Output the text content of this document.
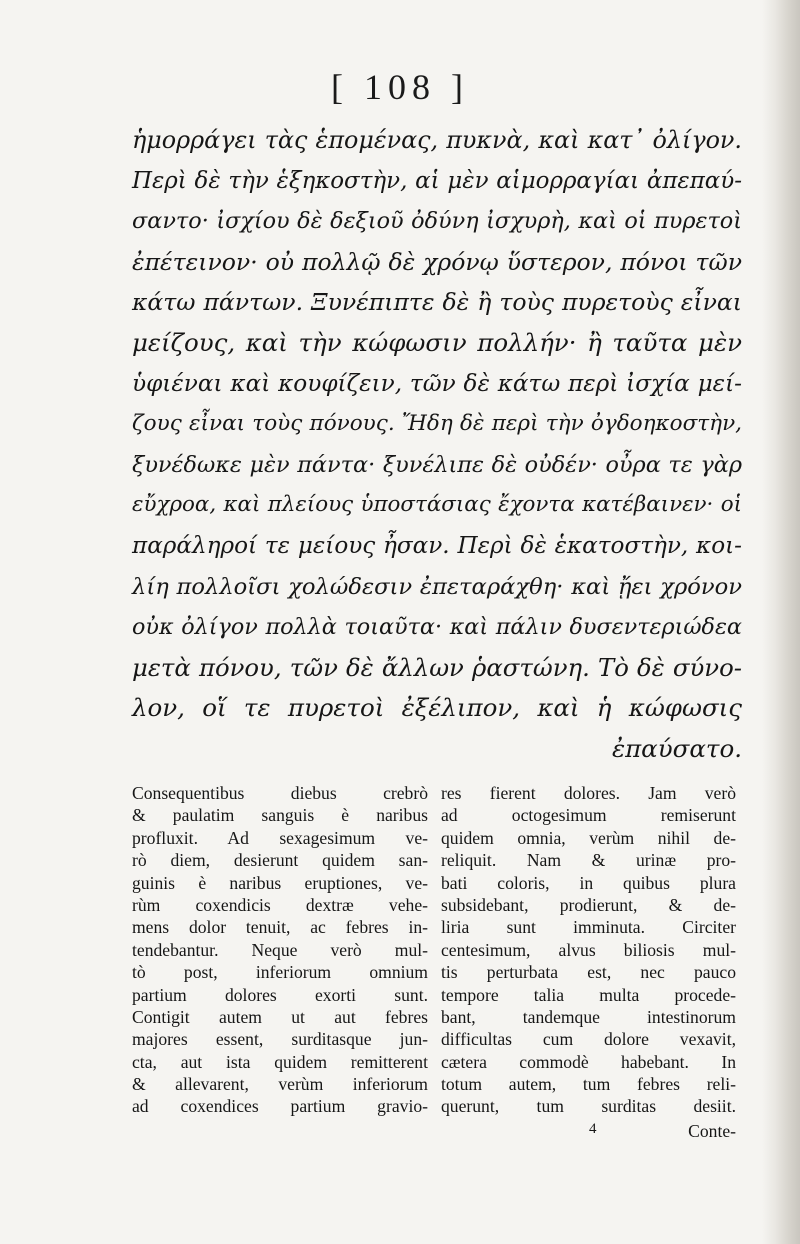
[ 108 ]
ἡμορράγει τὰς ἑπομένας, πυκνὰ, καὶ κατ᾽ ὀλίγον.
Περὶ δὲ τὴν ἑξηκοστὴν, αἱ μὲν αἱμορραγίαι ἀπεπαύ-
σαντο· ἰσχίου δὲ δεξιοῦ ὀδύνη ἰσχυρὴ, καὶ οἱ πυρετοὶ
ἐπέτεινον· οὐ πολλῷ δὲ χρόνῳ ὕστερον, πόνοι τῶν
κάτω πάντων. Ξυνέπιπτε δὲ ἢ τοὺς πυρετοὺς εἶναι
μείζους, καὶ τὴν κώφωσιν πολλήν· ἢ ταῦτα μὲν
ὑφιέναι καὶ κουφίζειν, τῶν δὲ κάτω περὶ ἰσχία μεί-
ζους εἶναι τοὺς πόνους. Ἤδη δὲ περὶ τὴν ὀγδοηκοστὴν,
ξυνέδωκε μὲν πάντα· ξυνέλιπε δὲ οὐδέν· οὖρα τε γὰρ
εὔχροα, καὶ πλείους ὑποστάσιας ἔχοντα κατέβαινεν· οἱ
παράληροί τε μείους ἦσαν. Περὶ δὲ ἑκατοστὴν, κοι-
λίη πολλοῖσι χολώδεσιν ἐπεταράχθη· καὶ ᾔει χρόνον
οὐκ ὀλίγον πολλὰ τοιαῦτα· καὶ πάλιν δυσεντεριώδεα
μετὰ πόνου, τῶν δὲ ἄλλων ῥαστώνη. Τὸ δὲ σύνο-
λον, οἵ τε πυρετοὶ ἐξέλιπον, καὶ ἡ κώφωσις
ἐπαύσατο.
Consequentibus diebus crebrò
& paulatim sanguis è naribus
profluxit. Ad sexagesimum ve-
rò diem, desierunt quidem san-
guinis è naribus eruptiones, ve-
rùm coxendicis dextræ vehe-
mens dolor tenuit, ac febres in-
tendebantur. Neque verò mul-
tò post, inferiorum omnium
partium dolores exorti sunt.
Contigit autem ut aut febres
majores essent, surditasque jun-
cta, aut ista quidem remitterent
& allevarent, verùm inferiorum
ad coxendices partium gravio-
res fierent dolores. Jam verò
ad octogesimum remiserunt
quidem omnia, verùm nihil de-
reliquit. Nam & urinæ pro-
bati coloris, in quibus plura
subsidebant, prodierunt, & de-
liria sunt imminuta. Circiter
centesimum, alvus biliosis mul-
tis perturbata est, nec pauco
tempore talia multa procede-
bant, tandemque intestinorum
difficultas cum dolore vexavit,
cætera commodè habebant. In
totum autem, tum febres reli-
querunt, tum surditas desiit.
4	Conte-
